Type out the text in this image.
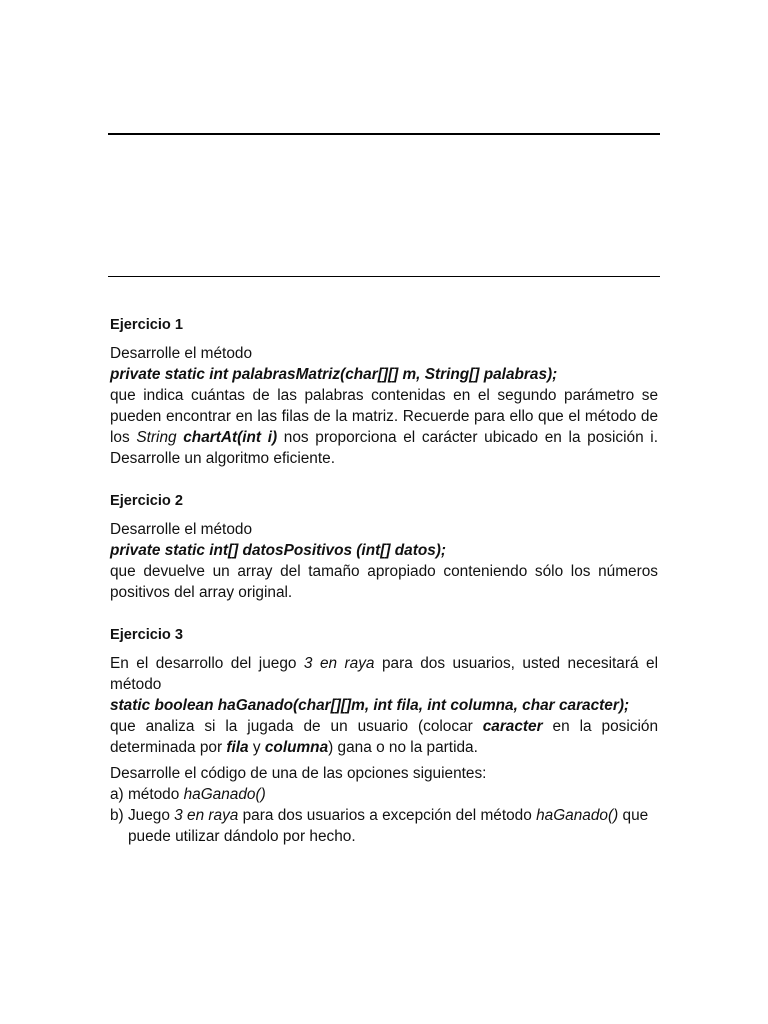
Ejercicio 1

Desarrolle el método

private static int palabrasMatriz(char[][] m, String[] palabras);

que indica cuántas de las palabras contenidas en el segundo parámetro se pueden encontrar en las filas de la matriz. Recuerde para ello que el método de los String chartAt(int i) nos proporciona el carácter ubicado en la posición i. Desarrolle un algoritmo eficiente.

Ejercicio 2

Desarrolle el método

private static int[] datosPositivos (int[] datos);

que devuelve un array del tamaño apropiado conteniendo sólo los números positivos del array original.

Ejercicio 3

En el desarrollo del juego 3 en raya para dos usuarios, usted necesitará el método

static boolean haGanado(char[][]m, int fila, int columna, char caracter);

que analiza si la jugada de un usuario (colocar caracter en la posición determinada por fila y columna) gana o no la partida.

Desarrolle el código de una de las opciones siguientes:

a) método haGanado()

b) Juego 3 en raya para dos usuarios a excepción del método haGanado() que puede utilizar dándolo por hecho.
